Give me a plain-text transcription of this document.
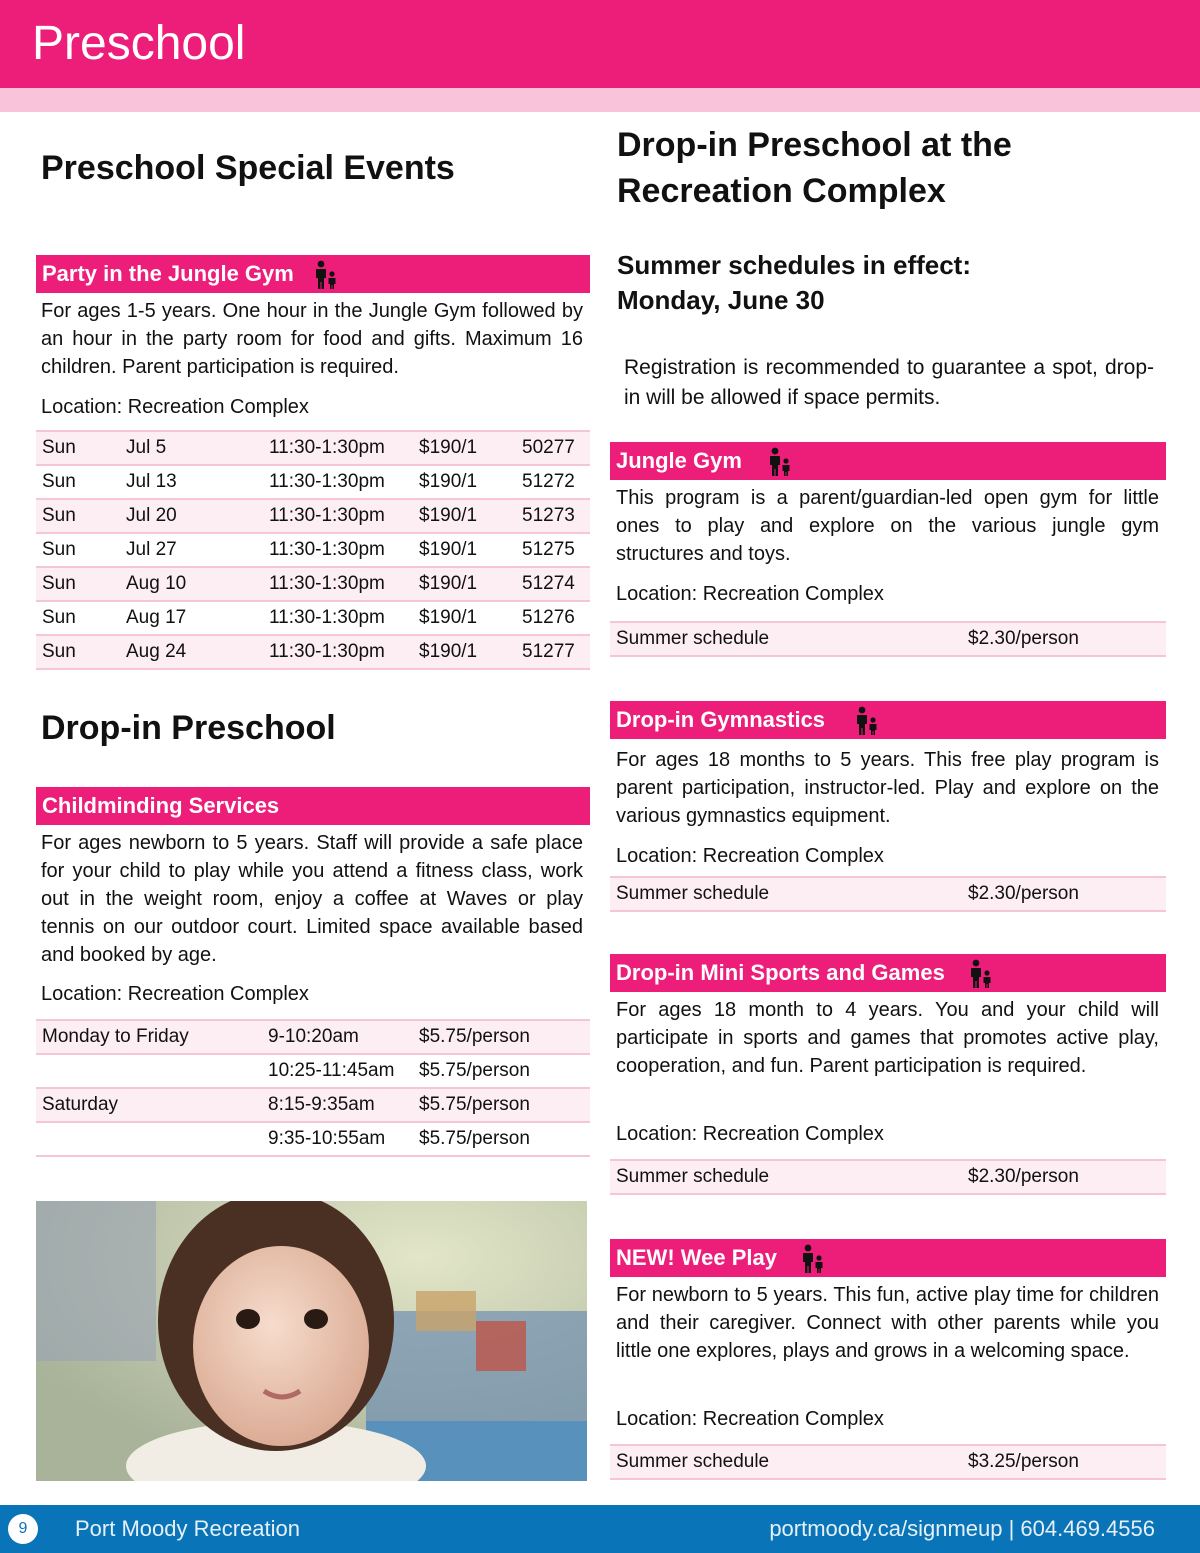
Preschool
Preschool Special Events
Party in the Jungle Gym
For ages 1-5 years. One hour in the Jungle Gym followed by an hour in the party room for food and gifts. Maximum 16 children. Parent participation is required.
Location: Recreation Complex
Sun	Jul 5	11:30-1:30pm	$190/1	50277
Sun	Jul 13	11:30-1:30pm	$190/1	51272
Sun	Jul 20	11:30-1:30pm	$190/1	51273
Sun	Jul 27	11:30-1:30pm	$190/1	51275
Sun	Aug 10	11:30-1:30pm	$190/1	51274
Sun	Aug 17	11:30-1:30pm	$190/1	51276
Sun	Aug 24	11:30-1:30pm	$190/1	51277
Drop-in Preschool
Childminding Services
For ages newborn to 5 years. Staff will provide a safe place for your child to play while you attend a fitness class, work out in the weight room, enjoy a coffee at Waves or play tennis on our outdoor court. Limited space available based and booked by age.
Location: Recreation Complex
Monday to Friday	9-10:20am	$5.75/person
	10:25-11:45am	$5.75/person
Saturday	8:15-9:35am	$5.75/person
	9:35-10:55am	$5.75/person
Drop-in Preschool at the
Recreation Complex
Summer schedules in effect:
Monday, June 30
Registration is recommended to guarantee a spot, drop-in will be allowed if space permits.
Jungle Gym
This program is a parent/guardian-led open gym for little ones to play and explore on the various jungle gym structures and toys.
Location: Recreation Complex
Summer schedule	$2.30/person
Drop-in Gymnastics
For ages 18 months to 5 years. This free play program is parent participation, instructor-led. Play and explore on the various gymnastics equipment.
Location: Recreation Complex
Summer schedule	$2.30/person
Drop-in Mini Sports and Games
For ages 18 month to 4 years. You and your child will participate in sports and games that promotes active play, cooperation, and fun. Parent participation is required.
Location: Recreation Complex
Summer schedule	$2.30/person
NEW! Wee Play
For newborn to 5 years. This fun, active play time for children and their caregiver. Connect with other parents while you little one explores, plays and grows in a welcoming space.
Location: Recreation Complex
Summer schedule	$3.25/person
9	Port Moody Recreation	portmoody.ca/signmeup | 604.469.4556
